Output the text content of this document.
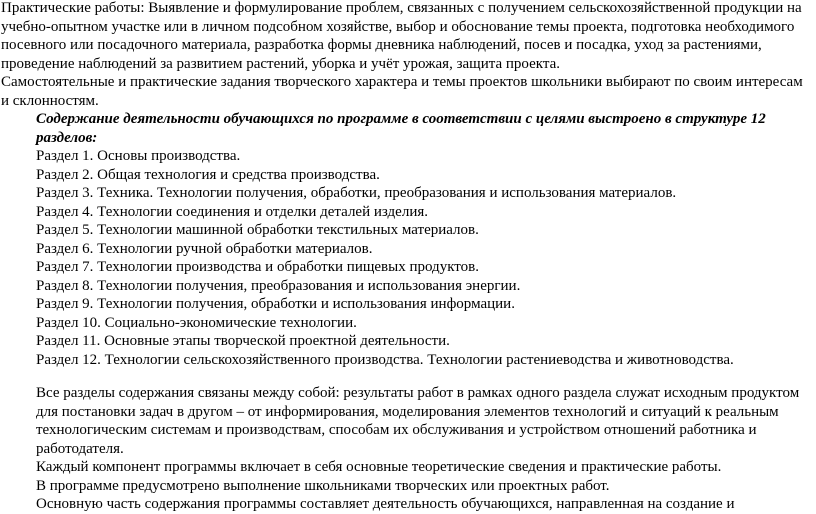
Практические работы: Выявление и формулирование проблем, связанных с получением сельскохозяйственной продукции на учебно-опытном участке или в личном подсобном хозяйстве, выбор и обоснование темы проекта, подготовка необходимого посевного или посадочного материала, разработка формы дневника наблюдений, посев и посадка, уход за растениями, проведение наблюдений за развитием растений, уборка и учёт урожая, защита проекта.

Самостоятельные и практические задания творческого характера и темы проектов школьники выбирают по своим интересам и склонностям.

Содержание деятельности обучающихся по программе в соответствии с целями выстроено в структуре 12 разделов:

Раздел 1. Основы производства.
Раздел 2. Общая технология и средства производства.
Раздел 3. Техника. Технологии получения, обработки, преобразования и использования материалов.
Раздел 4. Технологии соединения и отделки деталей изделия.
Раздел 5. Технологии машинной обработки текстильных материалов.
Раздел 6. Технологии ручной обработки материалов.
Раздел 7. Технологии производства и обработки пищевых продуктов.
Раздел 8. Технологии получения, преобразования и использования энергии.
Раздел 9. Технологии получения, обработки и использования информации.
Раздел 10. Социально-экономические технологии.
Раздел 11. Основные этапы творческой проектной деятельности.
Раздел 12. Технологии сельскохозяйственного производства. Технологии растениеводства и животноводства.

Все разделы содержания связаны между собой: результаты работ в рамках одного раздела служат исходным продуктом для постановки задач в другом – от информирования, моделирования элементов технологий и ситуаций к реальным технологическим системам и производствам, способам их обслуживания и устройством отношений работника и работодателя.

Каждый компонент программы включает в себя основные теоретические сведения и практические работы.

В программе предусмотрено выполнение школьниками творческих или проектных работ.

Основную часть содержания программы составляет деятельность обучающихся, направленная на создание и
